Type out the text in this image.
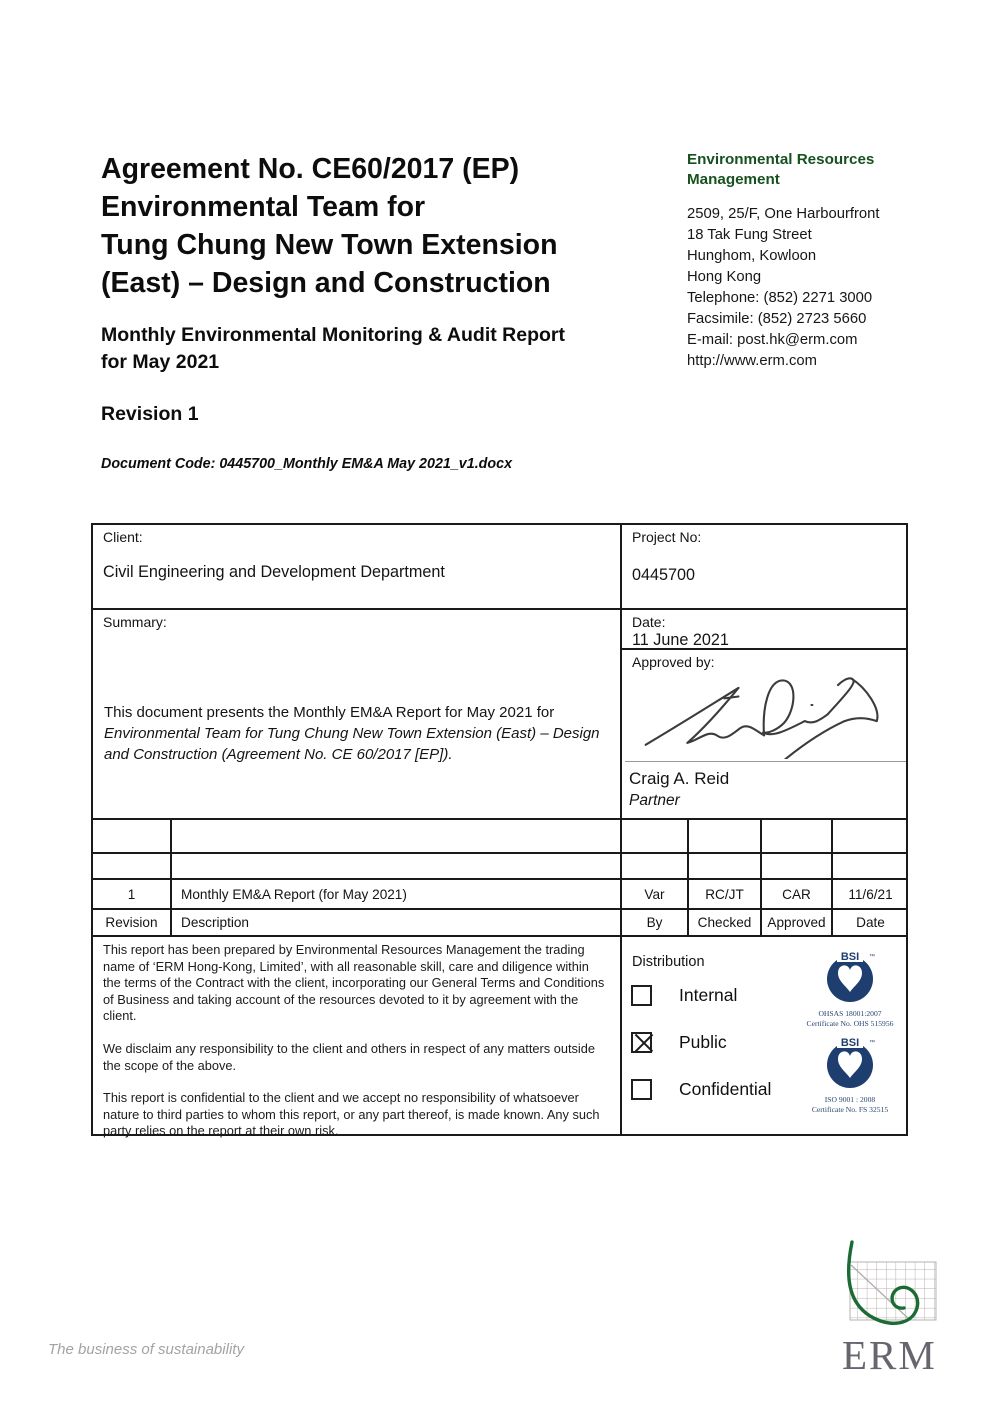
Agreement No. CE60/2017 (EP)
Environmental Team for
Tung Chung New Town Extension
(East) – Design and Construction
Monthly Environmental Monitoring & Audit Report
for May 2021
Revision 1
Document Code: 0445700_Monthly EM&A May 2021_v1.docx
Environmental Resources
Management
2509, 25/F, One Harbourfront
18 Tak Fung Street
Hunghom, Kowloon
Hong Kong
Telephone: (852) 2271 3000
Facsimile: (852) 2723 5660
E-mail: post.hk@erm.com
http://www.erm.com
Client:
Civil Engineering and Development Department
Project No:
0445700
Summary:
This document presents the Monthly EM&A Report for May 2021 for Environmental Team for Tung Chung New Town Extension (East) – Design and Construction (Agreement No. CE 60/2017 [EP]).
Date:
11 June 2021
Approved by:
Craig A. Reid
Partner
1	Monthly EM&A Report (for May 2021)	Var	RC/JT	CAR	11/6/21
Revision	Description	By	Checked	Approved	Date

This report has been prepared by Environmental Resources Management the trading name of ‘ERM Hong-Kong, Limited’, with all reasonable skill, care and diligence within the terms of the Contract with the client, incorporating our General Terms and Conditions of Business and taking account of the resources devoted to it by agreement with the client.

We disclaim any responsibility to the client and others in respect of any matters outside the scope of the above.

This report is confidential to the client and we accept no responsibility of whatsoever nature to third parties to whom this report, or any part thereof, is made known. Any such party relies on the report at their own risk.

Distribution
Internal
Public
Confidential
OHSAS 18001:2007
Certificate No. OHS 515956
ISO 9001 : 2008
Certificate No. FS 32515
The business of sustainability	ERM
